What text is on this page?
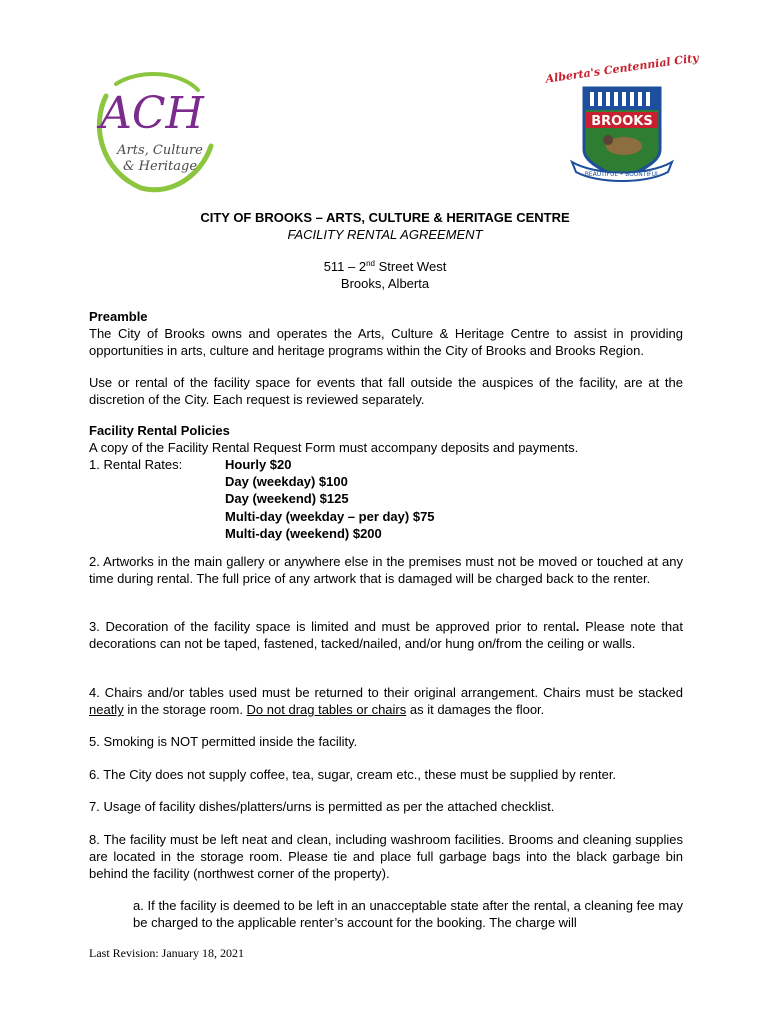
ACH
Arts, Culture
& Heritage
Alberta's Centennial City
BROOKS
BEAUTIFUL • BOUNTIFUL
CITY OF BROOKS – ARTS, CULTURE & HERITAGE CENTRE
FACILITY RENTAL AGREEMENT
511 – 2nd Street West
Brooks, Alberta
Preamble
The City of Brooks owns and operates the Arts, Culture & Heritage Centre to assist in providing opportunities in arts, culture and heritage programs within the City of Brooks and Brooks Region.
Use or rental of the facility space for events that fall outside the auspices of the facility, are at the discretion of the City. Each request is reviewed separately.
Facility Rental Policies
A copy of the Facility Rental Request Form must accompany deposits and payments.
1. Rental Rates:	Hourly $20
Day (weekday) $100
Day (weekend) $125
Multi-day (weekday – per day) $75
Multi-day (weekend) $200
2. Artworks in the main gallery or anywhere else in the premises must not be moved or touched at any time during rental. The full price of any artwork that is damaged will be charged back to the renter.
3. Decoration of the facility space is limited and must be approved prior to rental. Please note that decorations can not be taped, fastened, tacked/nailed, and/or hung on/from the ceiling or walls.
4. Chairs and/or tables used must be returned to their original arrangement. Chairs must be stacked neatly in the storage room. Do not drag tables or chairs as it damages the floor.
5. Smoking is NOT permitted inside the facility.
6. The City does not supply coffee, tea, sugar, cream etc., these must be supplied by renter.
7. Usage of facility dishes/platters/urns is permitted as per the attached checklist.
8. The facility must be left neat and clean, including washroom facilities. Brooms and cleaning supplies are located in the storage room. Please tie and place full garbage bags into the black garbage bin behind the facility (northwest corner of the property).
a. If the facility is deemed to be left in an unacceptable state after the rental, a cleaning fee may be charged to the applicable renter’s account for the booking. The charge will
Last Revision: January 18, 2021
